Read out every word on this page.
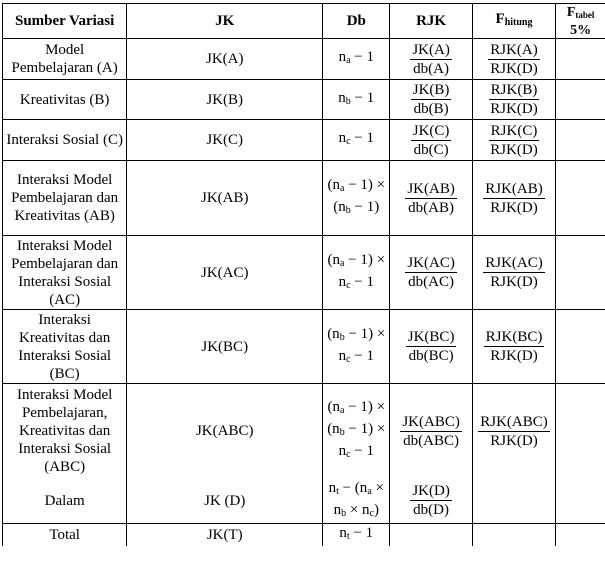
Sumber Variasi	JK	Db	RJK	$F_{hitung}$	$F_{tabel}$
5%
Model Pembelajaran (A)	JK(A)	$n_a - 1$	$\frac{JK(A)}{db(A)}$	$\frac{\text{RJK(A)}}{\text{RJK(D)}}$

Kreativitas (B)	JK(B)	$n_b - 1$	$\frac{JK(B)}{db(B)}$	$\frac{\text{RJK(B)}}{\text{RJK(D)}}$

Interaksi Sosial (C)	JK(C)	$n_c - 1$	$\frac{JK(C)}{db(C)}$	$\frac{\text{RJK(C)}}{\text{RJK(D)}}$

Interaksi Model Pembelajaran dan Kreativitas (AB)	JK(AB)	$(n_a - 1) \times (n_b - 1)$	$\frac{JK(AB)}{db(AB)}$	$\frac{\text{RJK(AB)}}{\text{RJK(D)}}$

Interaksi Model Pembelajaran dan Interaksi Sosial (AC)	JK(AC)	$(n_a - 1) \times n_c - 1$	$\frac{JK(AC)}{db(AC)}$	$\frac{\text{RJK(AC)}}{\text{RJK(D)}}$

Interaksi Kreativitas dan Interaksi Sosial (BC)	JK(BC)	$(n_b - 1) \times n_c - 1$	$\frac{JK(BC)}{db(BC)}$	$\frac{\text{RJK(BC)}}{\text{RJK(D)}}$

Interaksi Model Pembelajaran, Kreativitas dan Interaksi Sosial (ABC)	JK(ABC)	$(n_a - 1) \times (n_b - 1) \times n_c - 1$	$\frac{\text{JK(ABC)}}{\text{db(ABC)}}$	$\frac{\text{RJK(ABC)}}{\text{RJK(D)}}$

Dalam	JK (D)	$n_t - (n_a \times n_b \times n_c)$	$\frac{JK(D)}{db(D)}$

Total	JK(T)	$n_t - 1$			
